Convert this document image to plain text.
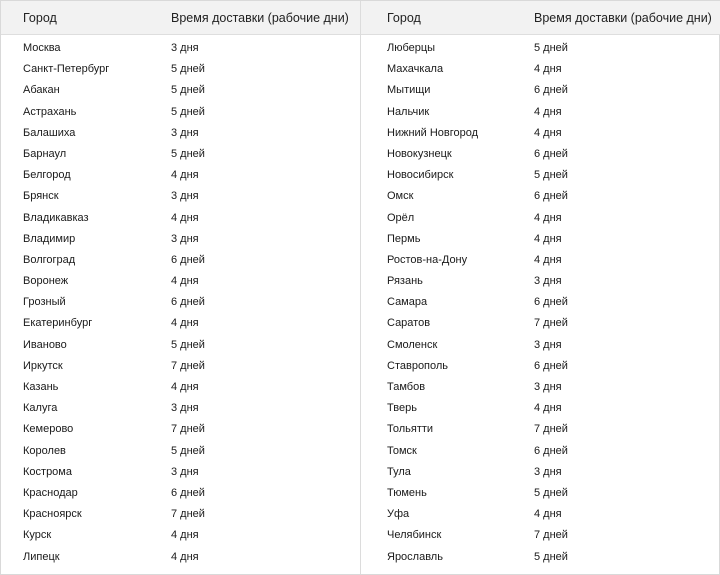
Город	Время доставки (рабочие дни)
Москва	3 дня
Санкт-Петербург	5 дней
Абакан	5 дней
Астрахань	5 дней
Балашиха	3 дня
Барнаул	5 дней
Белгород	4 дня
Брянск	3 дня
Владикавказ	4 дня
Владимир	3 дня
Волгоград	6 дней
Воронеж	4 дня
Грозный	6 дней
Екатеринбург	4 дня
Иваново	5 дней
Иркутск	7 дней
Казань	4 дня
Калуга	3 дня
Кемерово	7 дней
Королев	5 дней
Кострома	3 дня
Краснодар	6 дней
Красноярск	7 дней
Курск	4 дня
Липецк	4 дня
Город	Время доставки (рабочие дни)
Люберцы	5 дней
Махачкала	4 дня
Мытищи	6 дней
Нальчик	4 дня
Нижний Новгород	4 дня
Новокузнецк	6 дней
Новосибирск	5 дней
Омск	6 дней
Орёл	4 дня
Пермь	4 дня
Ростов-на-Дону	4 дня
Рязань	3 дня
Самара	6 дней
Саратов	7 дней
Смоленск	3 дня
Ставрополь	6 дней
Тамбов	3 дня
Тверь	4 дня
Тольятти	7 дней
Томск	6 дней
Тула	3 дня
Тюмень	5 дней
Уфа	4 дня
Челябинск	7 дней
Ярославль	5 дней
